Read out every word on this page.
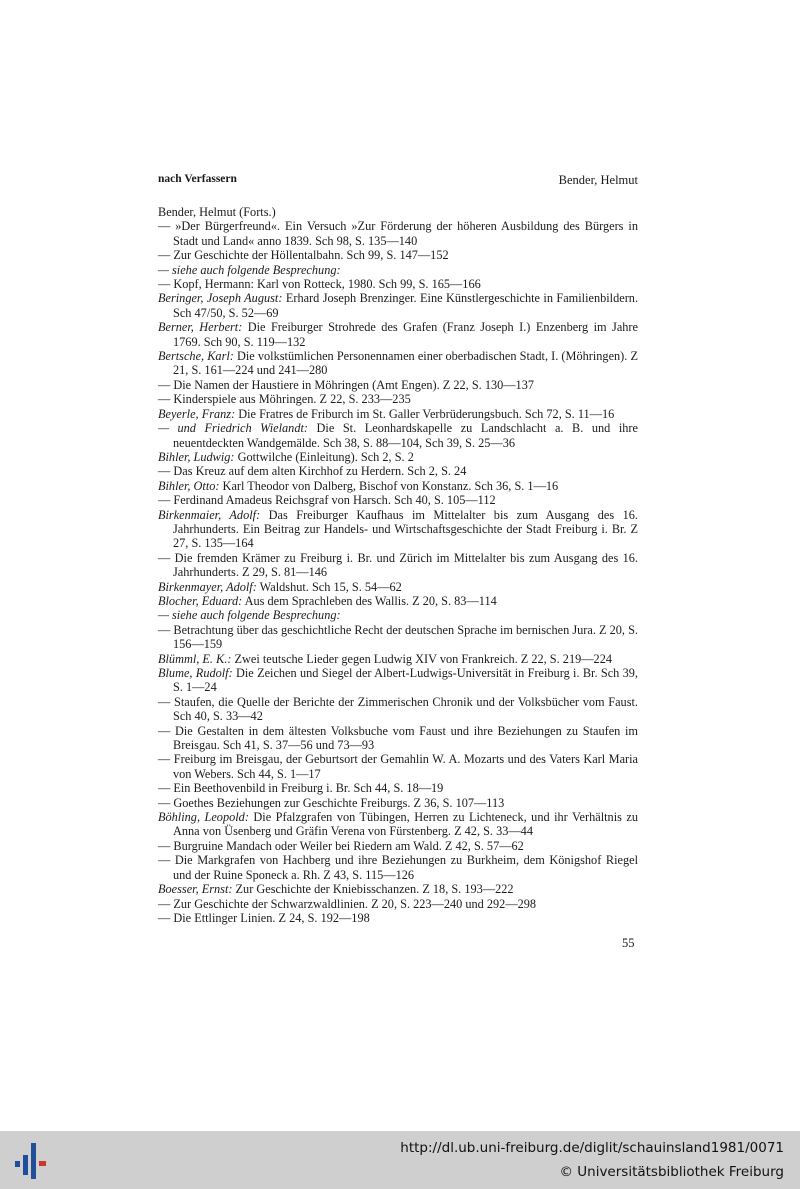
nach Verfassern	Bender, Helmut

Bender, Helmut (Forts.)

— »Der Bürgerfreund«. Ein Versuch »Zur Förderung der höheren Ausbildung des Bürgers in Stadt und Land« anno 1839. Sch 98, S. 135—140

— Zur Geschichte der Höllentalbahn. Sch 99, S. 147—152

— siehe auch folgende Besprechung:

— Kopf, Hermann: Karl von Rotteck, 1980. Sch 99, S. 165—166

Beringer, Joseph August: Erhard Joseph Brenzinger. Eine Künstlergeschichte in Familienbildern. Sch 47/50, S. 52—69

Berner, Herbert: Die Freiburger Strohrede des Grafen (Franz Joseph I.) Enzenberg im Jahre 1769. Sch 90, S. 119—132

Bertsche, Karl: Die volkstümlichen Personennamen einer oberbadischen Stadt, I. (Möhringen). Z 21, S. 161—224 und 241—280

— Die Namen der Haustiere in Möhringen (Amt Engen). Z 22, S. 130—137

— Kinderspiele aus Möhringen. Z 22, S. 233—235

Beyerle, Franz: Die Fratres de Friburch im St. Galler Verbrüderungsbuch. Sch 72, S. 11—16

— und Friedrich Wielandt: Die St. Leonhardskapelle zu Landschlacht a. B. und ihre neuentdeckten Wandgemälde. Sch 38, S. 88—104, Sch 39, S. 25—36

Bihler, Ludwig: Gottwilche (Einleitung). Sch 2, S. 2

— Das Kreuz auf dem alten Kirchhof zu Herdern. Sch 2, S. 24

Bihler, Otto: Karl Theodor von Dalberg, Bischof von Konstanz. Sch 36, S. 1—16

— Ferdinand Amadeus Reichsgraf von Harsch. Sch 40, S. 105—112

Birkenmaier, Adolf: Das Freiburger Kaufhaus im Mittelalter bis zum Ausgang des 16. Jahrhunderts. Ein Beitrag zur Handels- und Wirtschaftsgeschichte der Stadt Freiburg i. Br. Z 27, S. 135—164

— Die fremden Krämer zu Freiburg i. Br. und Zürich im Mittelalter bis zum Ausgang des 16. Jahrhunderts. Z 29, S. 81—146

Birkenmayer, Adolf: Waldshut. Sch 15, S. 54—62

Blocher, Eduard: Aus dem Sprachleben des Wallis. Z 20, S. 83—114

— siehe auch folgende Besprechung:

— Betrachtung über das geschichtliche Recht der deutschen Sprache im bernischen Jura. Z 20, S. 156—159

Blümml, E. K.: Zwei teutsche Lieder gegen Ludwig XIV von Frankreich. Z 22, S. 219—224

Blume, Rudolf: Die Zeichen und Siegel der Albert-Ludwigs-Universität in Freiburg i. Br. Sch 39, S. 1—24

— Staufen, die Quelle der Berichte der Zimmerischen Chronik und der Volksbücher vom Faust. Sch 40, S. 33—42

— Die Gestalten in dem ältesten Volksbuche vom Faust und ihre Beziehungen zu Staufen im Breisgau. Sch 41, S. 37—56 und 73—93

— Freiburg im Breisgau, der Geburtsort der Gemahlin W. A. Mozarts und des Vaters Karl Maria von Webers. Sch 44, S. 1—17

— Ein Beethovenbild in Freiburg i. Br. Sch 44, S. 18—19

— Goethes Beziehungen zur Geschichte Freiburgs. Z 36, S. 107—113

Böhling, Leopold: Die Pfalzgrafen von Tübingen, Herren zu Lichteneck, und ihr Verhältnis zu Anna von Üsenberg und Gräfin Verena von Fürstenberg. Z 42, S. 33—44

— Burgruine Mandach oder Weiler bei Riedern am Wald. Z 42, S. 57—62

— Die Markgrafen von Hachberg und ihre Beziehungen zu Burkheim, dem Königshof Riegel und der Ruine Sponeck a. Rh. Z 43, S. 115—126

Boesser, Ernst: Zur Geschichte der Kniebisschanzen. Z 18, S. 193—222

— Zur Geschichte der Schwarzwaldlinien. Z 20, S. 223—240 und 292—298

— Die Ettlinger Linien. Z 24, S. 192—198

55
http://dl.ub.uni-freiburg.de/diglit/schauinsland1981/0071
© Universitätsbibliothek Freiburg
